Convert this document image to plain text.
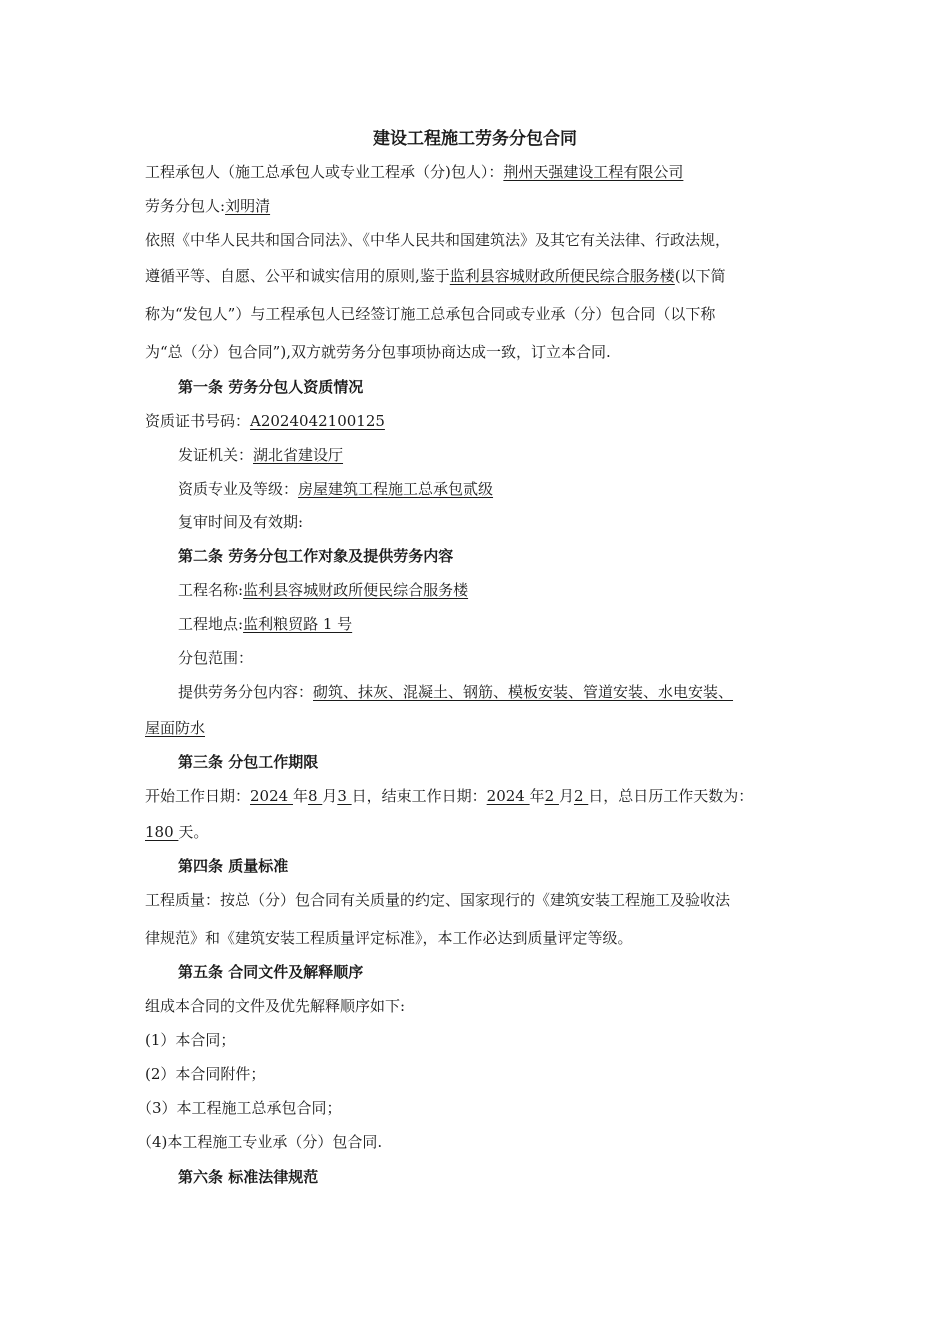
建设工程施工劳务分包合同
工程承包人（施工总承包人或专业工程承（分)包人）：荆州天强建设工程有限公司
劳务分包人:刘明清
依照《中华人民共和国合同法》、《中华人民共和国建筑法》及其它有关法律、行政法规，
遵循平等、自愿、公平和诚实信用的原则,鉴于监利县容城财政所便民综合服务楼(以下简
称为“发包人”）与工程承包人已经签订施工总承包合同或专业承（分）包合同（以下称
为“总（分）包合同”),双方就劳务分包事项协商达成一致，订立本合同.
第一条 劳务分包人资质情况
资质证书号码：A2024042100125
发证机关：湖北省建设厅
资质专业及等级：房屋建筑工程施工总承包贰级
复审时间及有效期:
第二条 劳务分包工作对象及提供劳务内容
工程名称:监利县容城财政所便民综合服务楼
工程地点:监利粮贸路 1 号
分包范围：
提供劳务分包内容：砌筑、抹灰、混凝土、钢筋、模板安装、管道安装、水电安装、
屋面防水
第三条 分包工作期限
开始工作日期：2024 年8 月3 日，结束工作日期：2024 年2 月2 日，总日历工作天数为：
180 天。
第四条 质量标准
工程质量：按总（分）包合同有关质量的约定、国家现行的《建筑安装工程施工及验收法
律规范》和《建筑安装工程质量评定标准》，本工作必达到质量评定等级。
第五条 合同文件及解释顺序
组成本合同的文件及优先解释顺序如下:
(1）本合同；
(2）本合同附件；
（3）本工程施工总承包合同；
（4)本工程施工专业承（分）包合同.
第六条 标准法律规范
